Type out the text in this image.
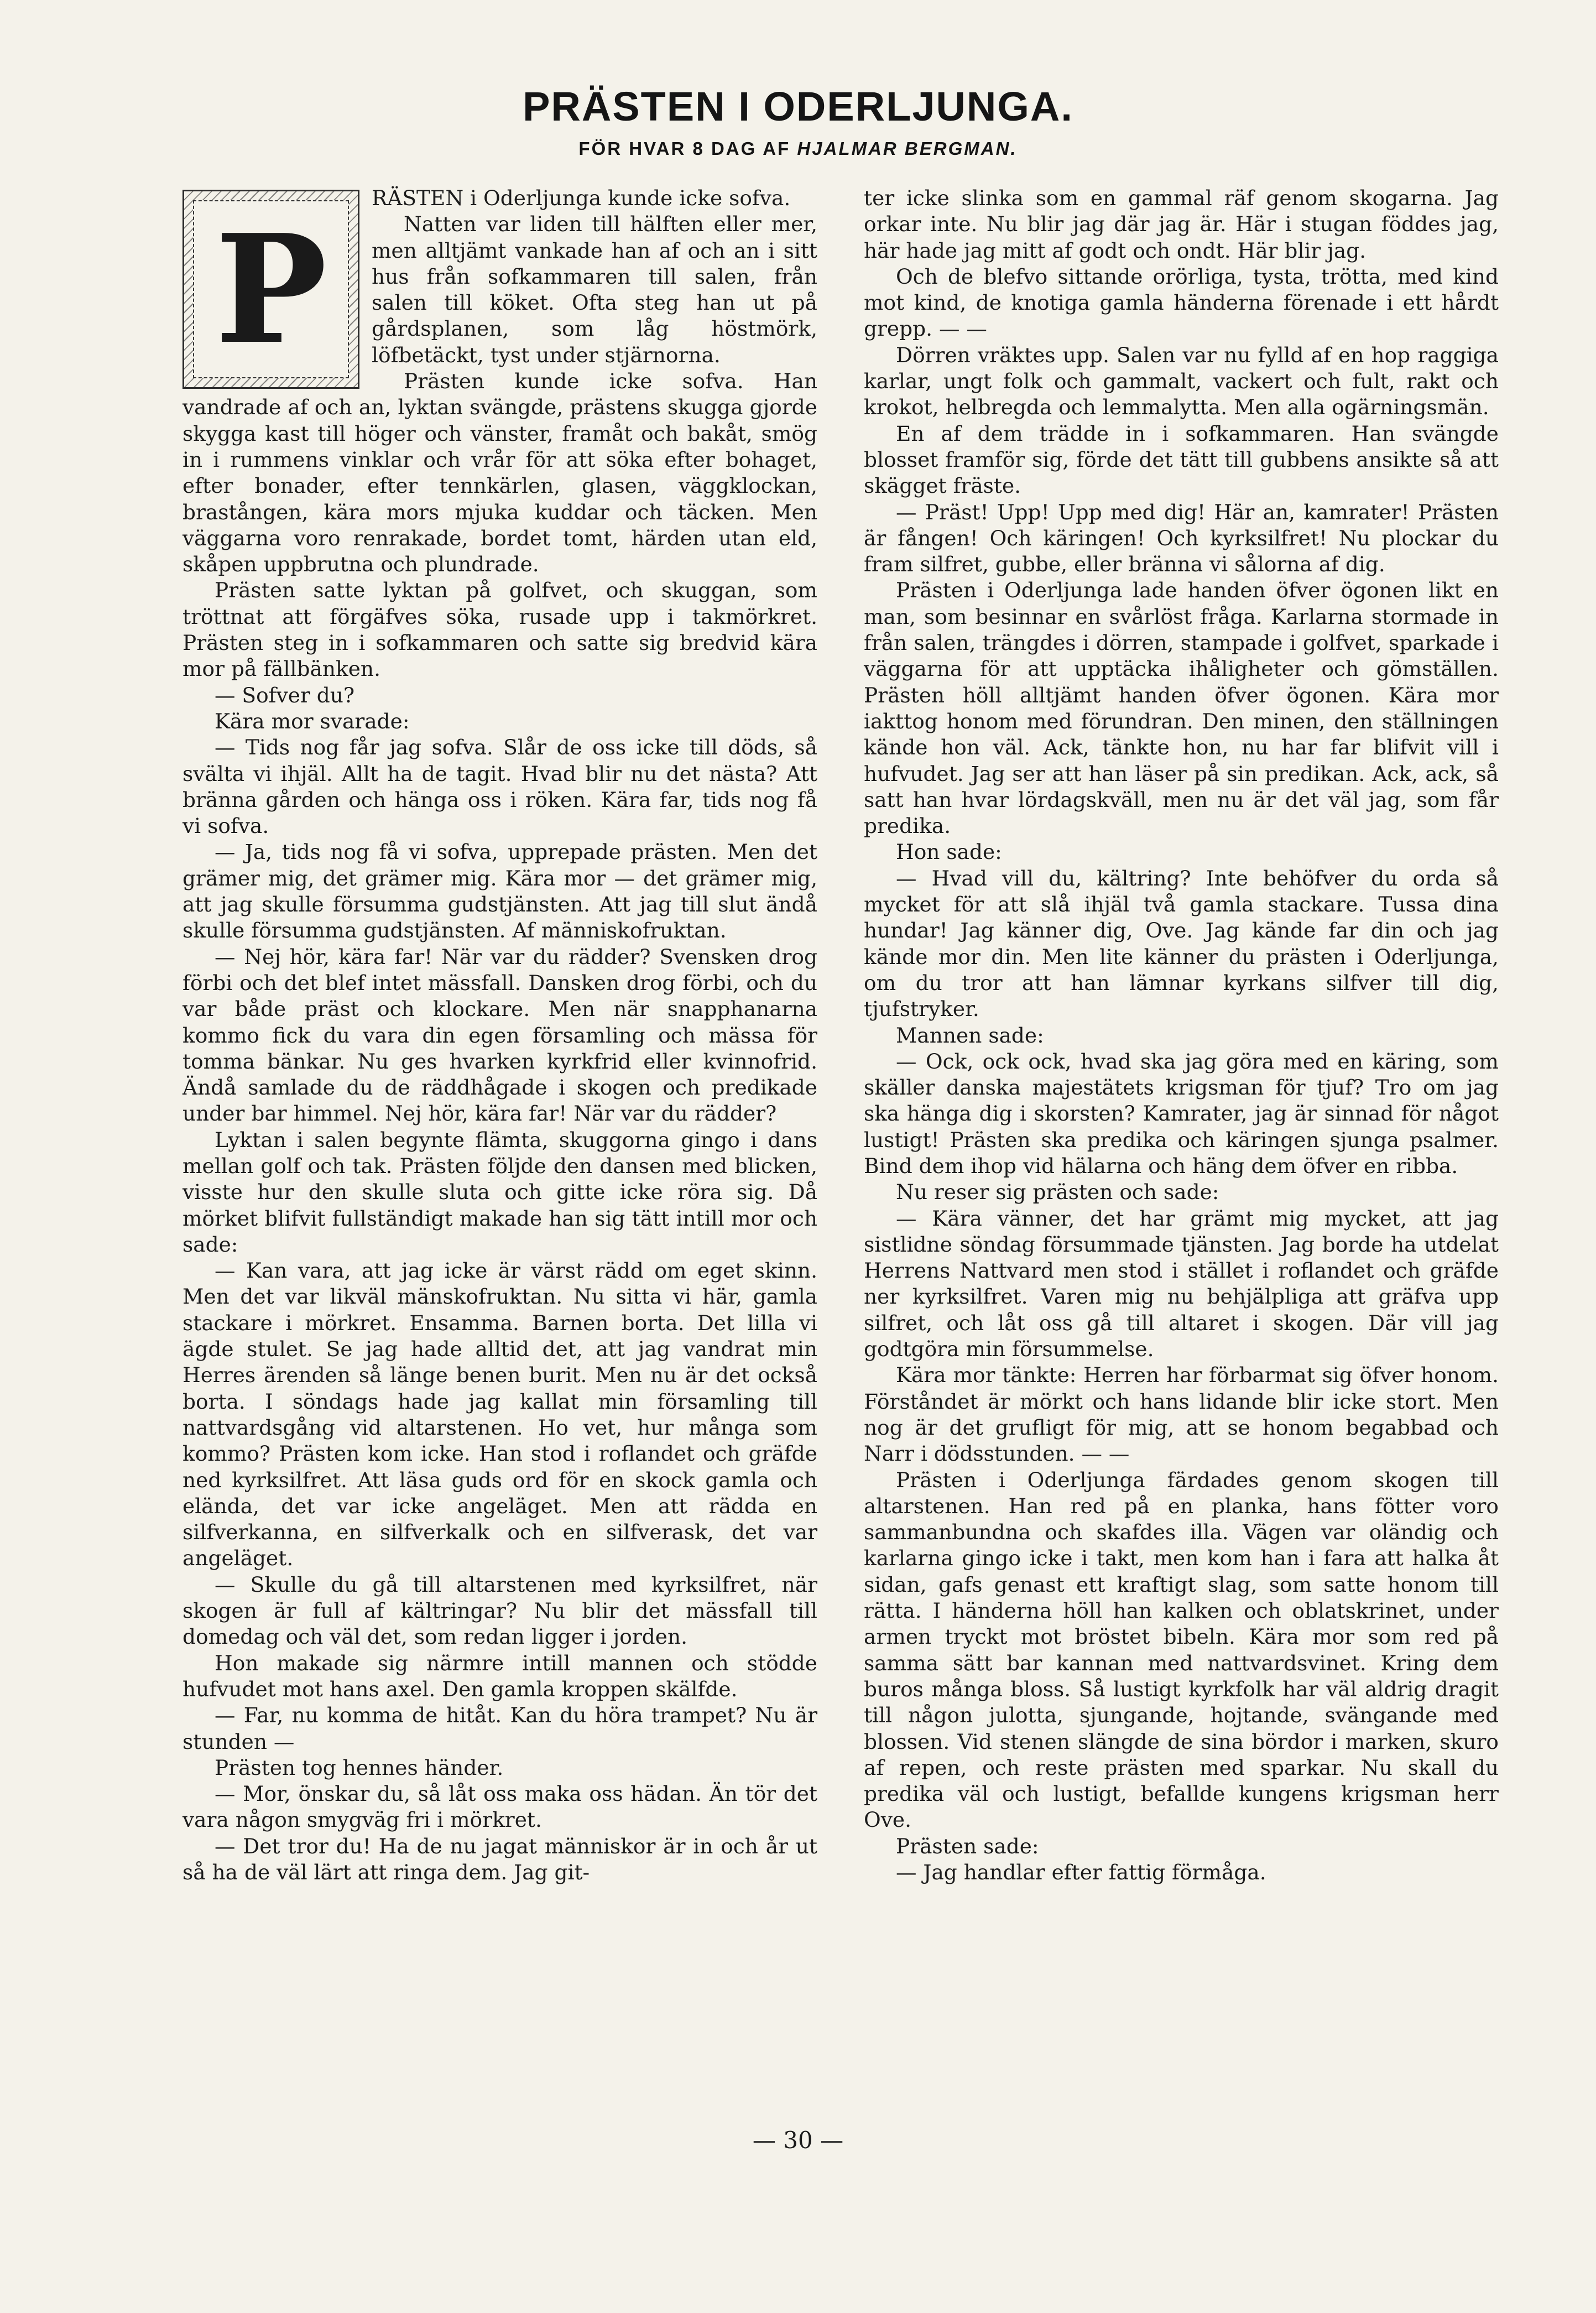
PRÄSTEN I ODERLJUNGA.
FÖR HVAR 8 DAG AF HJALMAR BERGMAN.
P

RÄSTEN i Oderljunga kunde icke sofva.

Natten var liden till hälften eller mer, men alltjämt vankade han af och an i sitt hus från sofkammaren till salen, från salen till köket. Ofta steg han ut på gårdsplanen, som låg höstmörk, löfbetäckt, tyst under stjärnorna.

Prästen kunde icke sofva. Han vandrade af och an, lyktan svängde, prästens skugga gjorde skygga kast till höger och vänster, framåt och bakåt, smög in i rummens vinklar och vrår för att söka efter bohaget, efter bonader, efter tennkärlen, glasen, väggklockan, brastången, kära mors mjuka kuddar och täcken. Men väggarna voro renrakade, bordet tomt, härden utan eld, skåpen uppbrutna och plundrade.

Prästen satte lyktan på golfvet, och skuggan, som tröttnat att förgäfves söka, rusade upp i takmörkret. Prästen steg in i sofkammaren och satte sig bredvid kära mor på fällbänken.

— Sofver du?

Kära mor svarade:

— Tids nog får jag sofva. Slår de oss icke till döds, så svälta vi ihjäl. Allt ha de tagit. Hvad blir nu det nästa? Att bränna gården och hänga oss i röken. Kära far, tids nog få vi sofva.

— Ja, tids nog få vi sofva, upprepade prästen. Men det grämer mig, det grämer mig. Kära mor — det grämer mig, att jag skulle försumma gudstjänsten. Att jag till slut ändå skulle försumma gudstjänsten. Af människofruktan.

— Nej hör, kära far! När var du rädder? Svensken drog förbi och det blef intet mässfall. Dansken drog förbi, och du var både präst och klockare. Men när snapphanarna kommo fick du vara din egen församling och mässa för tomma bänkar. Nu ges hvarken kyrkfrid eller kvinnofrid. Ändå samlade du de räddhågade i skogen och predikade under bar himmel. Nej hör, kära far! När var du rädder?

Lyktan i salen begynte flämta, skuggorna gingo i dans mellan golf och tak. Prästen följde den dansen med blicken, visste hur den skulle sluta och gitte icke röra sig. Då mörket blifvit fullständigt makade han sig tätt intill mor och sade:

— Kan vara, att jag icke är värst rädd om eget skinn. Men det var likväl mänskofruktan. Nu sitta vi här, gamla stackare i mörkret. Ensamma. Barnen borta. Det lilla vi ägde stulet. Se jag hade alltid det, att jag vandrat min Herres ärenden så länge benen burit. Men nu är det också borta. I söndags hade jag kallat min församling till nattvardsgång vid altarstenen. Ho vet, hur många som kommo? Prästen kom icke. Han stod i roflandet och gräfde ned kyrksilfret. Att läsa guds ord för en skock gamla och elända, det var icke angeläget. Men att rädda en silfverkanna, en silfverkalk och en silfverask, det var angeläget.

— Skulle du gå till altarstenen med kyrksilfret, när skogen är full af kältringar? Nu blir det mässfall till domedag och väl det, som redan ligger i jorden.

Hon makade sig närmre intill mannen och stödde hufvudet mot hans axel. Den gamla kroppen skälfde.

— Far, nu komma de hitåt. Kan du höra trampet? Nu är stunden —

Prästen tog hennes händer.

— Mor, önskar du, så låt oss maka oss hädan. Än tör det vara någon smygväg fri i mörkret.

— Det tror du! Ha de nu jagat människor är in och år ut så ha de väl lärt att ringa dem. Jag git-

ter icke slinka som en gammal räf genom skogarna. Jag orkar inte. Nu blir jag där jag är. Här i stugan föddes jag, här hade jag mitt af godt och ondt. Här blir jag.

Och de blefvo sittande orörliga, tysta, trötta, med kind mot kind, de knotiga gamla händerna förenade i ett hårdt grepp. — —

Dörren vräktes upp. Salen var nu fylld af en hop raggiga karlar, ungt folk och gammalt, vackert och fult, rakt och krokot, helbregda och lemmalytta. Men alla ogärningsmän.

En af dem trädde in i sofkammaren. Han svängde blosset framför sig, förde det tätt till gubbens ansikte så att skägget fräste.

— Präst! Upp! Upp med dig! Här an, kamrater! Prästen är fången! Och käringen! Och kyrksilfret! Nu plockar du fram silfret, gubbe, eller bränna vi sålorna af dig.

Prästen i Oderljunga lade handen öfver ögonen likt en man, som besinnar en svårlöst fråga. Karlarna stormade in från salen, trängdes i dörren, stampade i golfvet, sparkade i väggarna för att upptäcka ihåligheter och gömställen. Prästen höll alltjämt handen öfver ögonen. Kära mor iakttog honom med förundran. Den minen, den ställningen kände hon väl. Ack, tänkte hon, nu har far blifvit vill i hufvudet. Jag ser att han läser på sin predikan. Ack, ack, så satt han hvar lördagskväll, men nu är det väl jag, som får predika.

Hon sade:

— Hvad vill du, kältring? Inte behöfver du orda så mycket för att slå ihjäl två gamla stackare. Tussa dina hundar! Jag känner dig, Ove. Jag kände far din och jag kände mor din. Men lite känner du prästen i Oderljunga, om du tror att han lämnar kyrkans silfver till dig, tjufstryker.

Mannen sade:

— Ock, ock ock, hvad ska jag göra med en käring, som skäller danska majestätets krigsman för tjuf? Tro om jag ska hänga dig i skorsten? Kamrater, jag är sinnad för något lustigt! Prästen ska predika och käringen sjunga psalmer. Bind dem ihop vid hälarna och häng dem öfver en ribba.

Nu reser sig prästen och sade:

— Kära vänner, det har grämt mig mycket, att jag sistlidne söndag försummade tjänsten. Jag borde ha utdelat Herrens Nattvard men stod i stället i roflandet och gräfde ner kyrksilfret. Varen mig nu behjälpliga att gräfva upp silfret, och låt oss gå till altaret i skogen. Där vill jag godtgöra min försummelse.

Kära mor tänkte: Herren har förbarmat sig öfver honom. Förståndet är mörkt och hans lidande blir icke stort. Men nog är det grufligt för mig, att se honom begabbad och Narr i dödsstunden. — —

Prästen i Oderljunga färdades genom skogen till altarstenen. Han red på en planka, hans fötter voro sammanbundna och skafdes illa. Vägen var oländig och karlarna gingo icke i takt, men kom han i fara att halka åt sidan, gafs genast ett kraftigt slag, som satte honom till rätta. I händerna höll han kalken och oblatskrinet, under armen tryckt mot bröstet bibeln. Kära mor som red på samma sätt bar kannan med nattvardsvinet. Kring dem buros många bloss. Så lustigt kyrkfolk har väl aldrig dragit till någon julotta, sjungande, hojtande, svängande med blossen. Vid stenen slängde de sina bördor i marken, skuro af repen, och reste prästen med sparkar. Nu skall du predika väl och lustigt, befallde kungens krigsman herr Ove.

Prästen sade:

— Jag handlar efter fattig förmåga.

— 30 —
